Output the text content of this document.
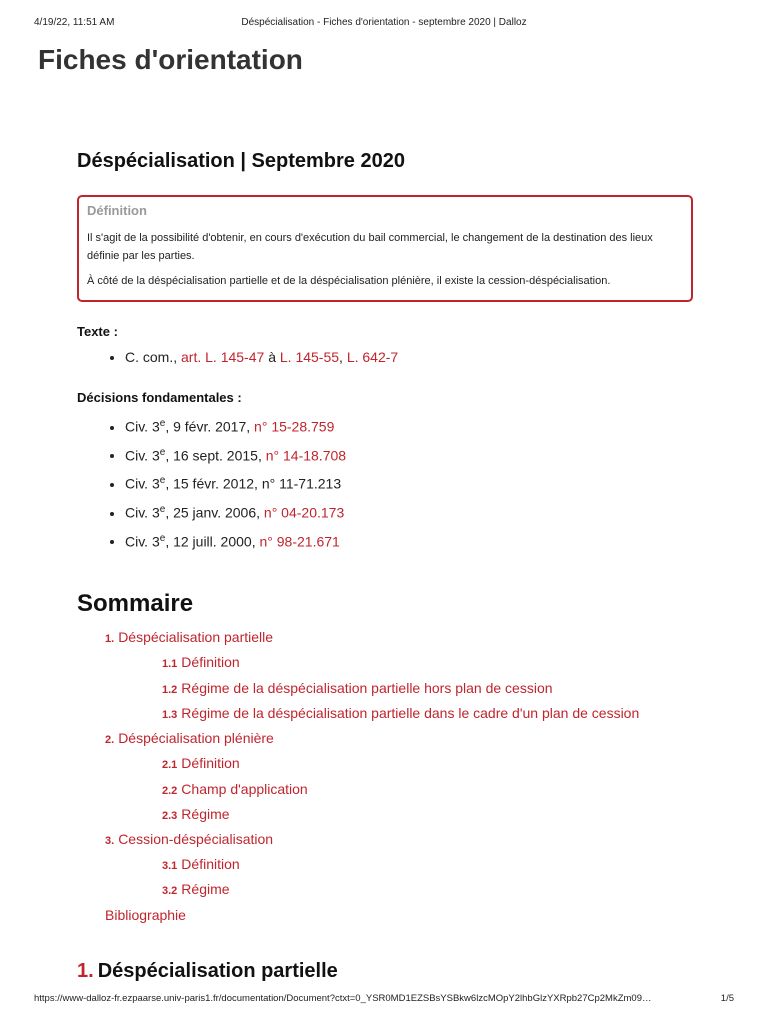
4/19/22, 11:51 AM	Déspécialisation - Fiches d'orientation - septembre 2020 | Dalloz
Fiches d'orientation
Déspécialisation | Septembre 2020
Définition

Il s'agit de la possibilité d'obtenir, en cours d'exécution du bail commercial, le changement de la destination des lieux définie par les parties.

À côté de la déspécialisation partielle et de la déspécialisation plénière, il existe la cession-déspécialisation.

Texte :
• C. com., art. L. 145-47 à L. 145-55, L. 642-7
Décisions fondamentales :
• Civ. 3e, 9 févr. 2017, n° 15-28.759
• Civ. 3e, 16 sept. 2015, n° 14-18.708
• Civ. 3e, 15 févr. 2012, n° 11-71.213
• Civ. 3e, 25 janv. 2006, n° 04-20.173
• Civ. 3e, 12 juill. 2000, n° 98-21.671
Sommaire
1. Déspécialisation partielle
1.1 Définition
1.2 Régime de la déspécialisation partielle hors plan de cession
1.3 Régime de la déspécialisation partielle dans le cadre d'un plan de cession
2. Déspécialisation plénière
2.1 Définition
2.2 Champ d'application
2.3 Régime
3. Cession-déspécialisation
3.1 Définition
3.2 Régime
Bibliographie
1. Déspécialisation partielle
https://www-dalloz-fr.ezpaarse.univ-paris1.fr/documentation/Document?ctxt=0_YSR0MD1EZSBsYSBkw6lzcMOpY2lhbGlzYXRpb27Cp2MkZm09…	1/5
